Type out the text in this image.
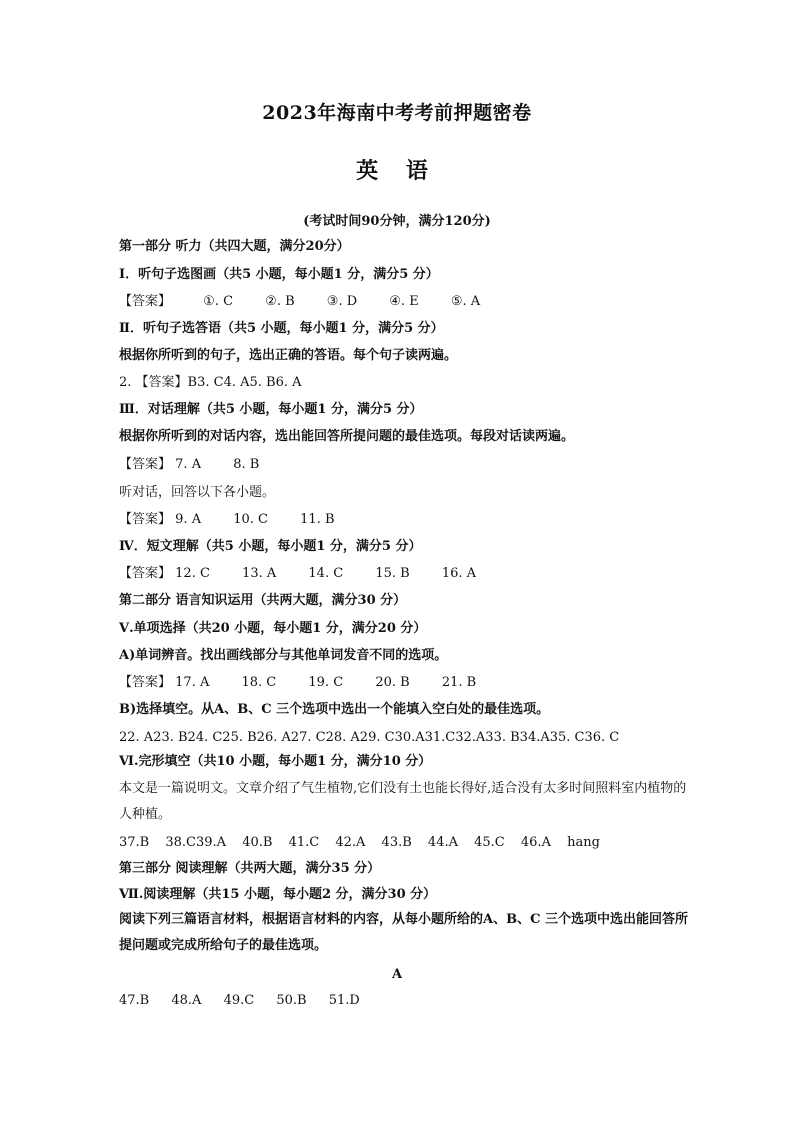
2023年海南中考考前押题密卷
英 语
(考试时间90分钟，满分120分)
第一部分 听力（共四大题，满分20分）
Ⅰ．听句子选图画（共5 小题，每小题1 分，满分5 分）
【答案】 ①. C ②. B ③. D ④. E ⑤. A
Ⅱ．听句子选答语（共5 小题，每小题1 分，满分5 分）
根据你所听到的句子，选出正确的答语。每个句子读两遍。
2. 【答案】B3. C4. A5. B6. A
Ⅲ．对话理解（共5 小题，每小题1 分，满分5 分）
根据你所听到的对话内容，选出能回答所提问题的最佳选项。每段对话读两遍。
【答案】 7. A 8. B
听对话，回答以下各小题。
【答案】 9. A 10. C 11. B
Ⅳ．短文理解（共5 小题，每小题1 分，满分5 分）
【答案】 12. C 13. A 14. C 15. B 16. A
第二部分 语言知识运用（共两大题，满分30 分）
Ⅴ.单项选择（共20 小题，每小题1 分，满分20 分）
A)单词辨音。找出画线部分与其他单词发音不同的选项。
【答案】 17. A 18. C 19. C 20. B 21. B
B)选择填空。从A、B、C 三个选项中选出一个能填入空白处的最佳选项。
22. A23. B24. C25. B26. A27. C28. A29. C30.A31.C32.A33. B34.A35. C36. C
Ⅵ.完形填空（共10 小题，每小题1 分，满分10 分）
本文是一篇说明文。文章介绍了气生植物,它们没有土也能长得好,适合没有太多时间照料室内植物的人种植。
37.B 38.C39.A 40.B 41.C 42.A 43.B 44.A 45.C 46.A hang
第三部分 阅读理解（共两大题，满分35 分）
Ⅶ.阅读理解（共15 小题，每小题2 分，满分30 分）
阅读下列三篇语言材料，根据语言材料的内容，从每小题所给的A、B、C 三个选项中选出能回答所提问题或完成所给句子的最佳选项。
A
47.B 48.A 49.C 50.B 51.D
